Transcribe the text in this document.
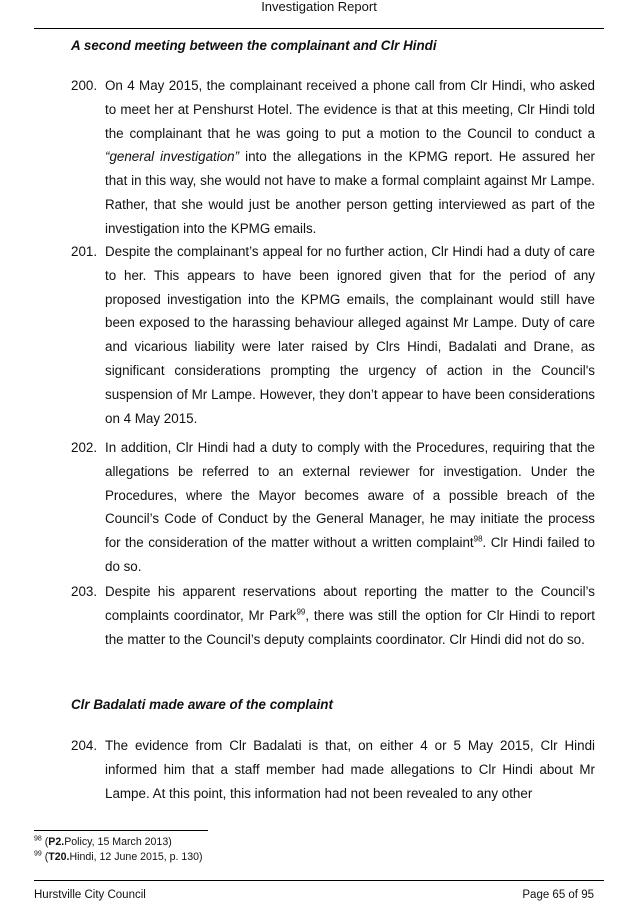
Investigation Report
A second meeting between the complainant and Clr Hindi
200. On 4 May 2015, the complainant received a phone call from Clr Hindi, who asked to meet her at Penshurst Hotel. The evidence is that at this meeting, Clr Hindi told the complainant that he was going to put a motion to the Council to conduct a “general investigation” into the allegations in the KPMG report. He assured her that in this way, she would not have to make a formal complaint against Mr Lampe. Rather, that she would just be another person getting interviewed as part of the investigation into the KPMG emails.
201. Despite the complainant’s appeal for no further action, Clr Hindi had a duty of care to her. This appears to have been ignored given that for the period of any proposed investigation into the KPMG emails, the complainant would still have been exposed to the harassing behaviour alleged against Mr Lampe. Duty of care and vicarious liability were later raised by Clrs Hindi, Badalati and Drane, as significant considerations prompting the urgency of action in the Council's suspension of Mr Lampe. However, they don’t appear to have been considerations on 4 May 2015.
202. In addition, Clr Hindi had a duty to comply with the Procedures, requiring that the allegations be referred to an external reviewer for investigation. Under the Procedures, where the Mayor becomes aware of a possible breach of the Council’s Code of Conduct by the General Manager, he may initiate the process for the consideration of the matter without a written complaint$^{98}$. Clr Hindi failed to do so.
203. Despite his apparent reservations about reporting the matter to the Council’s complaints coordinator, Mr Park$^{99}$, there was still the option for Clr Hindi to report the matter to the Council’s deputy complaints coordinator. Clr Hindi did not do so.
Clr Badalati made aware of the complaint
204. The evidence from Clr Badalati is that, on either 4 or 5 May 2015, Clr Hindi informed him that a staff member had made allegations to Clr Hindi about Mr Lampe. At this point, this information had not been revealed to any other
$^{98}$ (P2.Policy, 15 March 2013)
$^{99}$ (T20.Hindi, 12 June 2015, p. 130)
Hurstville City Council	Page 65 of 95
